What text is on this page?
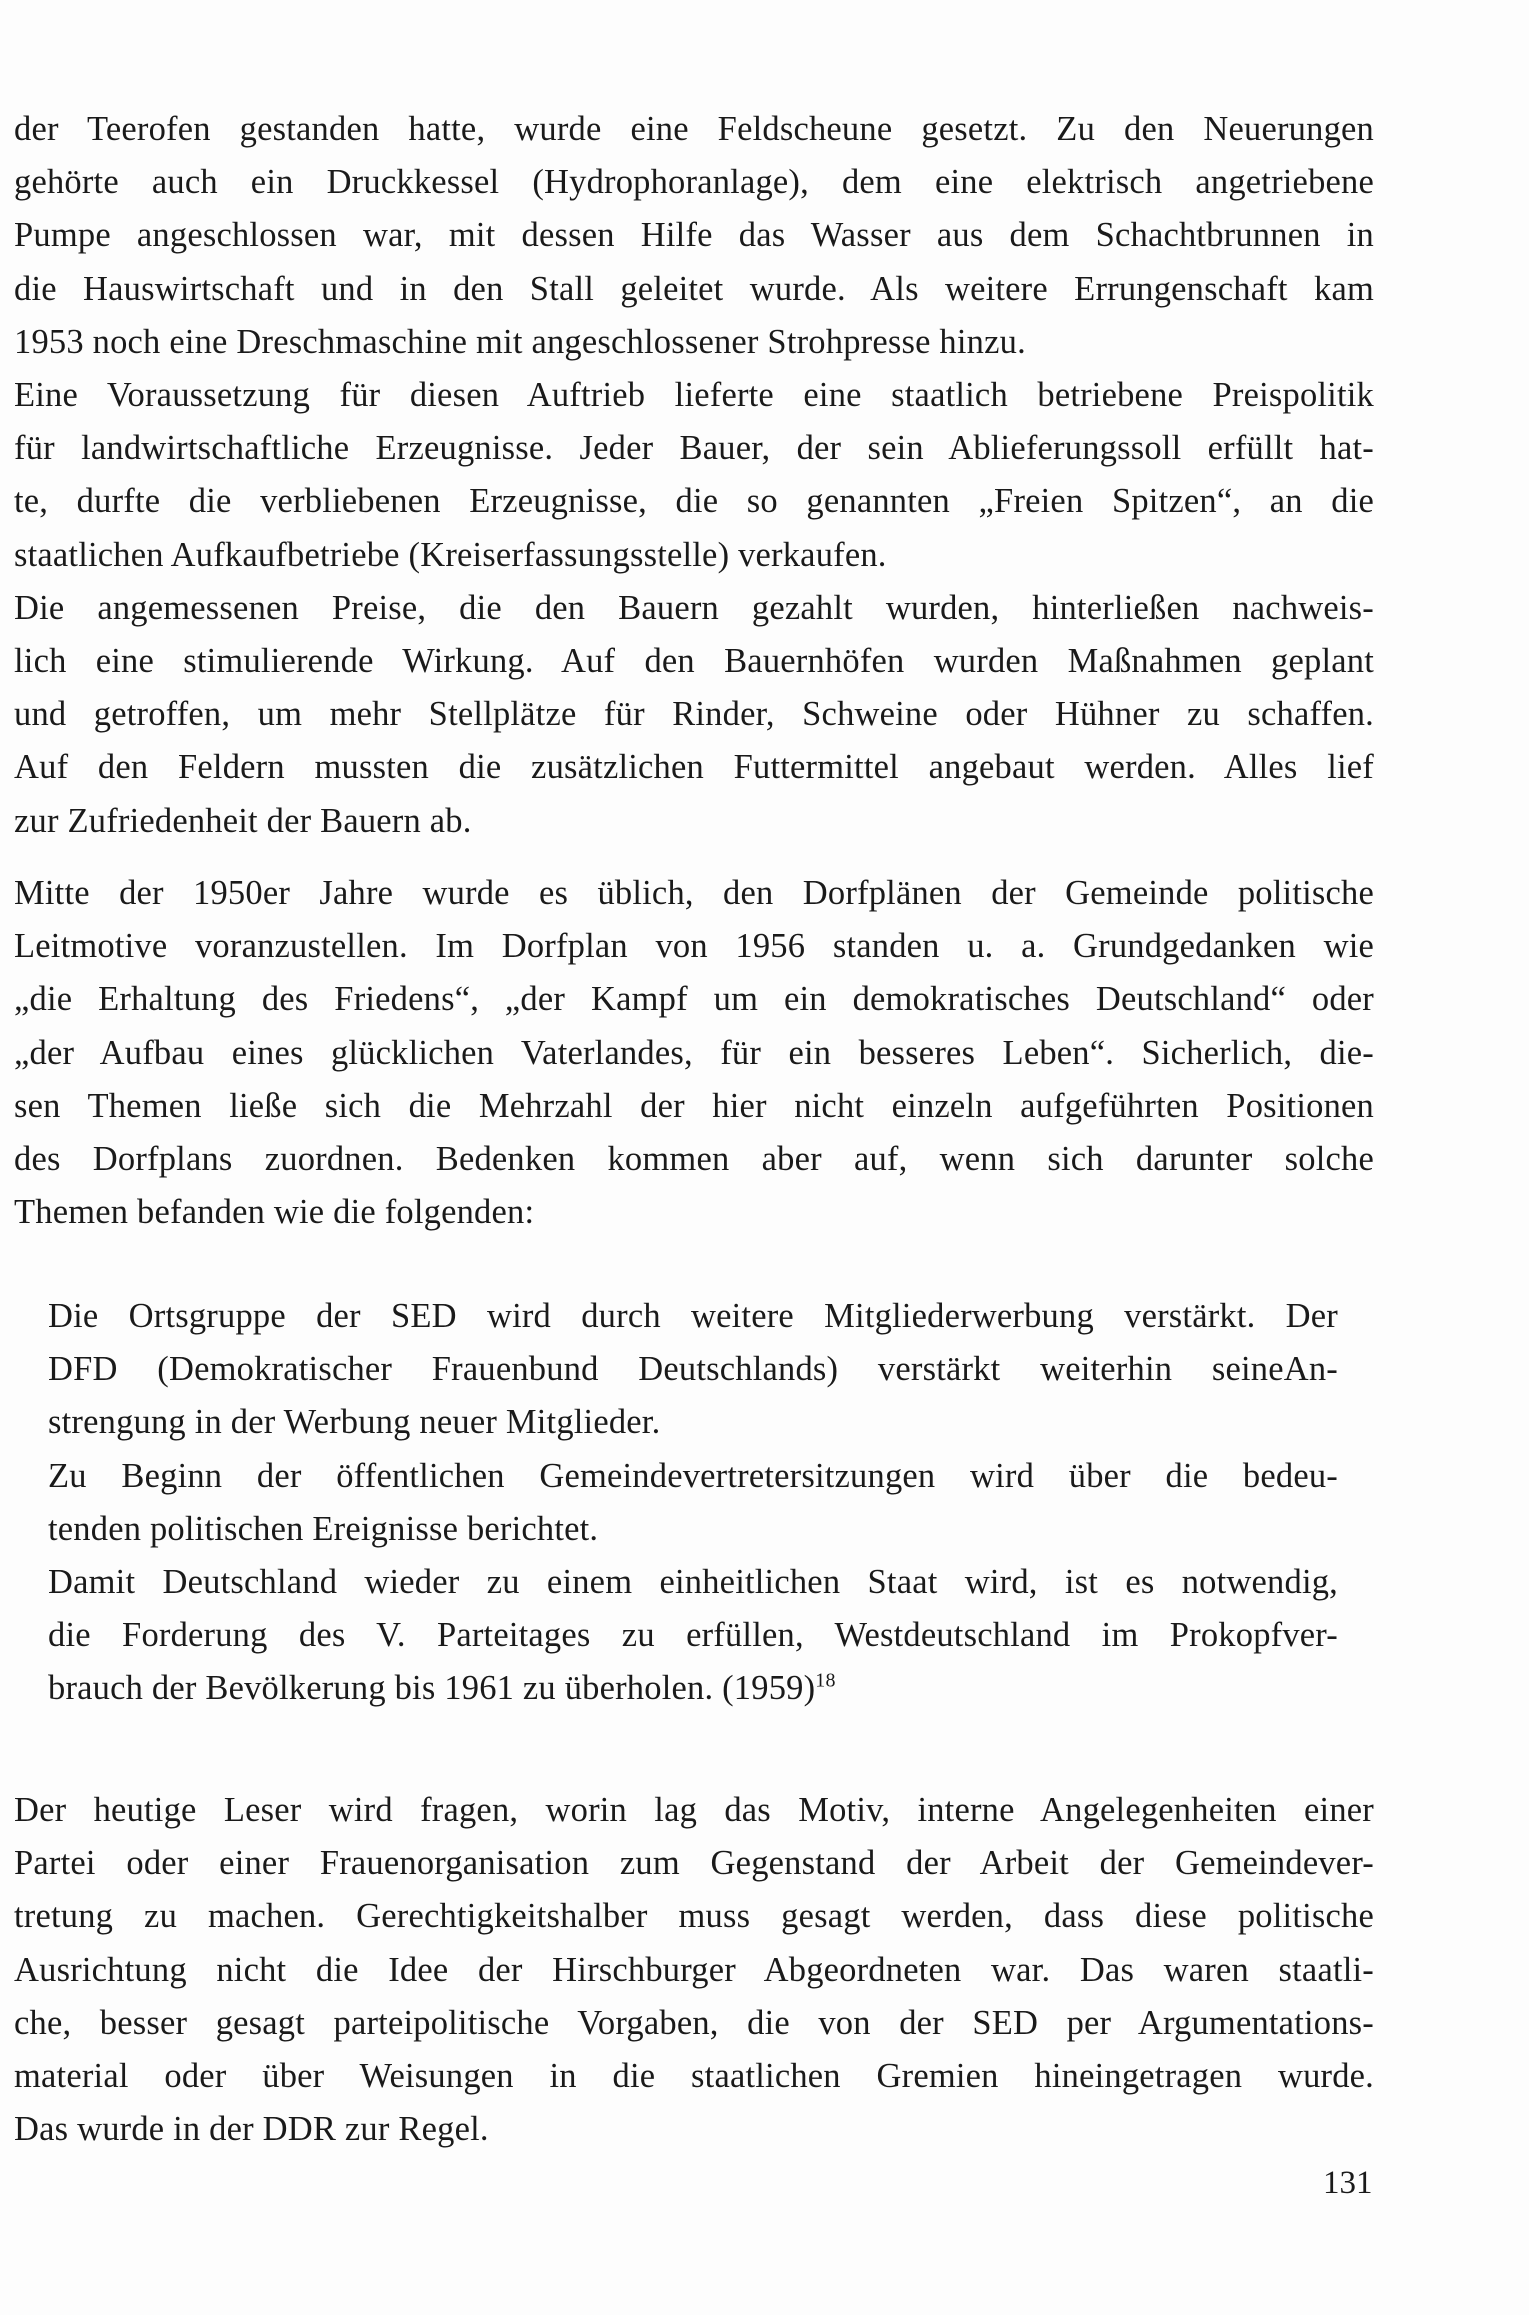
der Teerofen gestanden hatte, wurde eine Feldscheune gesetzt. Zu den Neuerungen
gehörte auch ein Druckkessel (Hydrophoranlage), dem eine elektrisch angetriebene
Pumpe angeschlossen war, mit dessen Hilfe das Wasser aus dem Schachtbrunnen in
die Hauswirtschaft und in den Stall geleitet wurde. Als weitere Errungenschaft kam
1953 noch eine Dreschmaschine mit angeschlossener Strohpresse hinzu.
Eine Voraussetzung für diesen Auftrieb lieferte eine staatlich betriebene Preispolitik
für landwirtschaftliche Erzeugnisse. Jeder Bauer, der sein Ablieferungssoll erfüllt hat-
te, durfte die verbliebenen Erzeugnisse, die so genannten „Freien Spitzen“, an die
staatlichen Aufkaufbetriebe (Kreiserfassungsstelle) verkaufen.
Die angemessenen Preise, die den Bauern gezahlt wurden, hinterließen nachweis-
lich eine stimulierende Wirkung. Auf den Bauernhöfen wurden Maßnahmen geplant
und getroffen, um mehr Stellplätze für Rinder, Schweine oder Hühner zu schaffen.
Auf den Feldern mussten die zusätzlichen Futtermittel angebaut werden. Alles lief
zur Zufriedenheit der Bauern ab.
Mitte der 1950er Jahre wurde es üblich, den Dorfplänen der Gemeinde politische
Leitmotive voranzustellen. Im Dorfplan von 1956 standen u. a. Grundgedanken wie
„die Erhaltung des Friedens“, „der Kampf um ein demokratisches Deutschland“ oder
„der Aufbau eines glücklichen Vaterlandes, für ein besseres Leben“. Sicherlich, die-
sen Themen ließe sich die Mehrzahl der hier nicht einzeln aufgeführten Positionen
des Dorfplans zuordnen. Bedenken kommen aber auf, wenn sich darunter solche
Themen befanden wie die folgenden:
Die Ortsgruppe der SED wird durch weitere Mitgliederwerbung verstärkt. Der
DFD (Demokratischer Frauenbund Deutschlands) verstärkt weiterhin seineAn-
strengung in der Werbung neuer Mitglieder.
Zu Beginn der öffentlichen Gemeindevertretersitzungen wird über die bedeu-
tenden politischen Ereignisse berichtet.
Damit Deutschland wieder zu einem einheitlichen Staat wird, ist es notwendig,
die Forderung des V. Parteitages zu erfüllen, Westdeutschland im Prokopfver-
brauch der Bevölkerung bis 1961 zu überholen. (1959)$^{18}$
Der heutige Leser wird fragen, worin lag das Motiv, interne Angelegenheiten einer
Partei oder einer Frauenorganisation zum Gegenstand der Arbeit der Gemeindever-
tretung zu machen. Gerechtigkeitshalber muss gesagt werden, dass diese politische
Ausrichtung nicht die Idee der Hirschburger Abgeordneten war. Das waren staatli-
che, besser gesagt parteipolitische Vorgaben, die von der SED per Argumentations-
material oder über Weisungen in die staatlichen Gremien hineingetragen wurde.
Das wurde in der DDR zur Regel.
131
